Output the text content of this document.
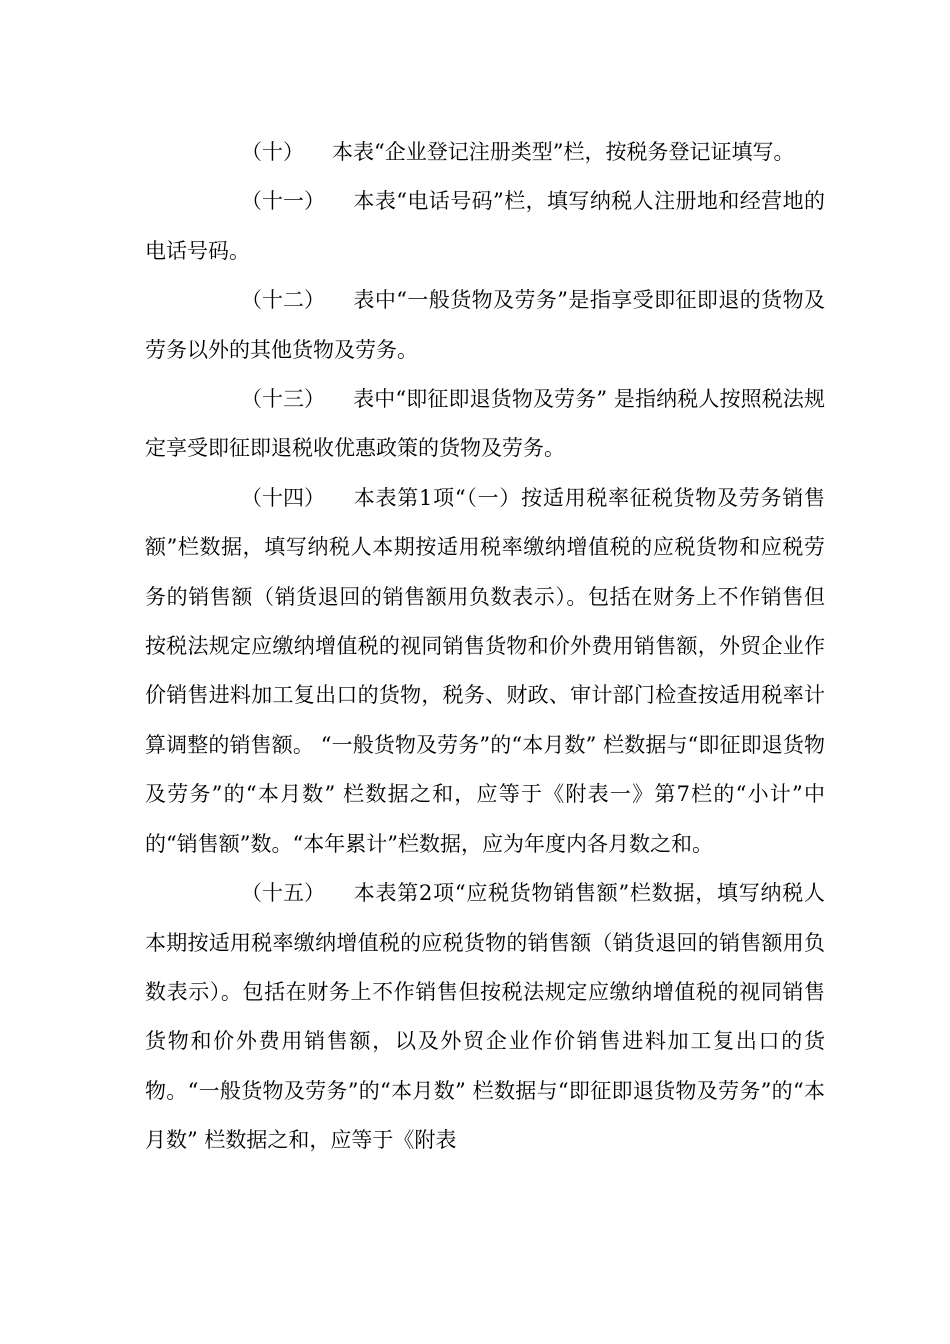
（十） 本表“企业登记注册类型”栏，按税务登记证填写。

（十一） 本表“电话号码”栏，填写纳税人注册地和经营地的电话号码。

（十二） 表中“一般货物及劳务”是指享受即征即退的货物及劳务以外的其他货物及劳务。

（十三） 表中“即征即退货物及劳务” 是指纳税人按照税法规定享受即征即退税收优惠政策的货物及劳务。

（十四） 本表第1项“（一）按适用税率征税货物及劳务销售额”栏数据，填写纳税人本期按适用税率缴纳增值税的应税货物和应税劳务的销售额（销货退回的销售额用负数表示）。包括在财务上不作销售但按税法规定应缴纳增值税的视同销售货物和价外费用销售额，外贸企业作价销售进料加工复出口的货物，税务、财政、审计部门检查按适用税率计算调整的销售额。 “一般货物及劳务”的“本月数” 栏数据与“即征即退货物及劳务”的“本月数” 栏数据之和，应等于《附表一》第7栏的“小计”中的“销售额”数。“本年累计”栏数据，应为年度内各月数之和。

（十五） 本表第2项“应税货物销售额”栏数据，填写纳税人本期按适用税率缴纳增值税的应税货物的销售额（销货退回的销售额用负数表示）。包括在财务上不作销售但按税法规定应缴纳增值税的视同销售货物和价外费用销售额，以及外贸企业作价销售进料加工复出口的货物。“一般货物及劳务”的“本月数” 栏数据与“即征即退货物及劳务”的“本月数” 栏数据之和，应等于《附表
